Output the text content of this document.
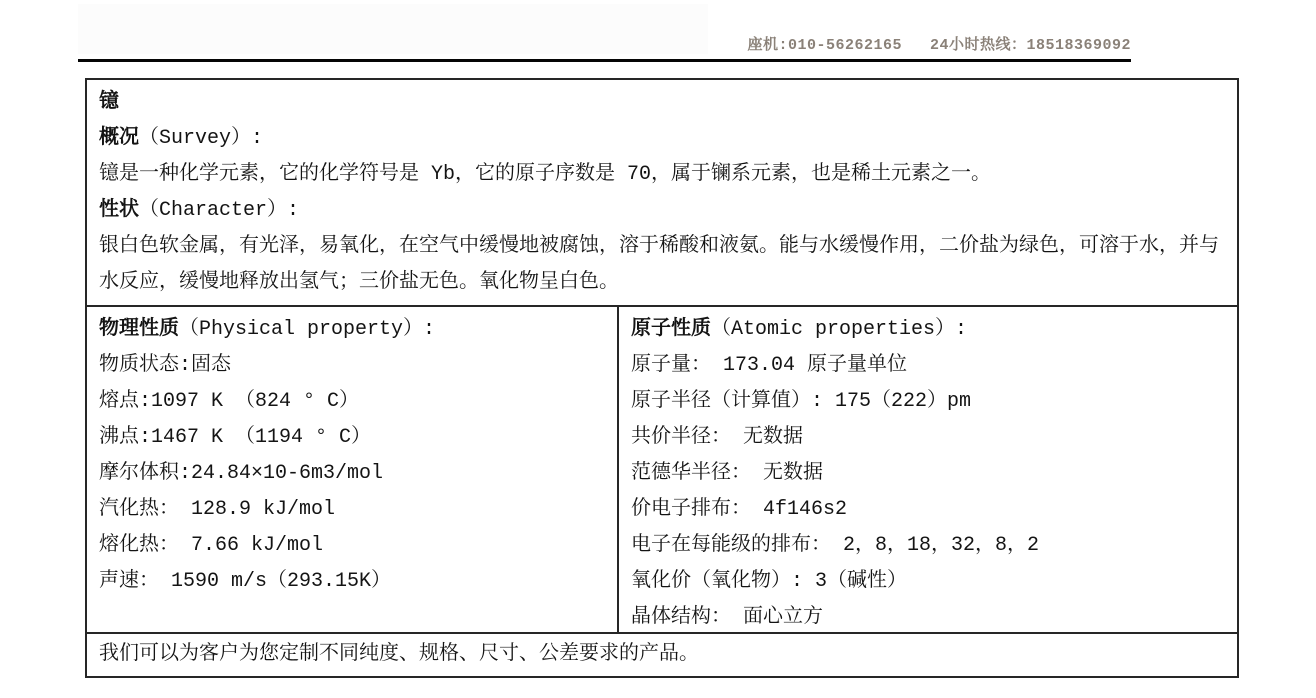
座机:010-56262165 24小时热线：18518369092
镱
概况（Survey）:
镱是一种化学元素，它的化学符号是 Yb，它的原子序数是 70，属于镧系元素，也是稀土元素之一。
性状（Character）:
银白色软金属，有光泽，易氧化，在空气中缓慢地被腐蚀，溶于稀酸和液氨。能与水缓慢作用，二价盐为绿色，可溶于水，并与水反应，缓慢地释放出氢气；三价盐无色。氧化物呈白色。
物理性质（Physical property）:
物质状态:固态
熔点:1097 K （824 ° C）
沸点:1467 K （1194 ° C）
摩尔体积:24.84×10-6m3/mol
汽化热： 128.9 kJ/mol
熔化热： 7.66 kJ/mol
声速： 1590 m/s（293.15K）
原子性质（Atomic properties）:
原子量： 173.04 原子量单位
原子半径（计算值）: 175（222）pm
共价半径： 无数据
范德华半径： 无数据
价电子排布： 4f146s2
电子在每能级的排布： 2，8，18，32，8，2
氧化价（氧化物）: 3（碱性）
晶体结构： 面心立方
我们可以为客户为您定制不同纯度、规格、尺寸、公差要求的产品。
